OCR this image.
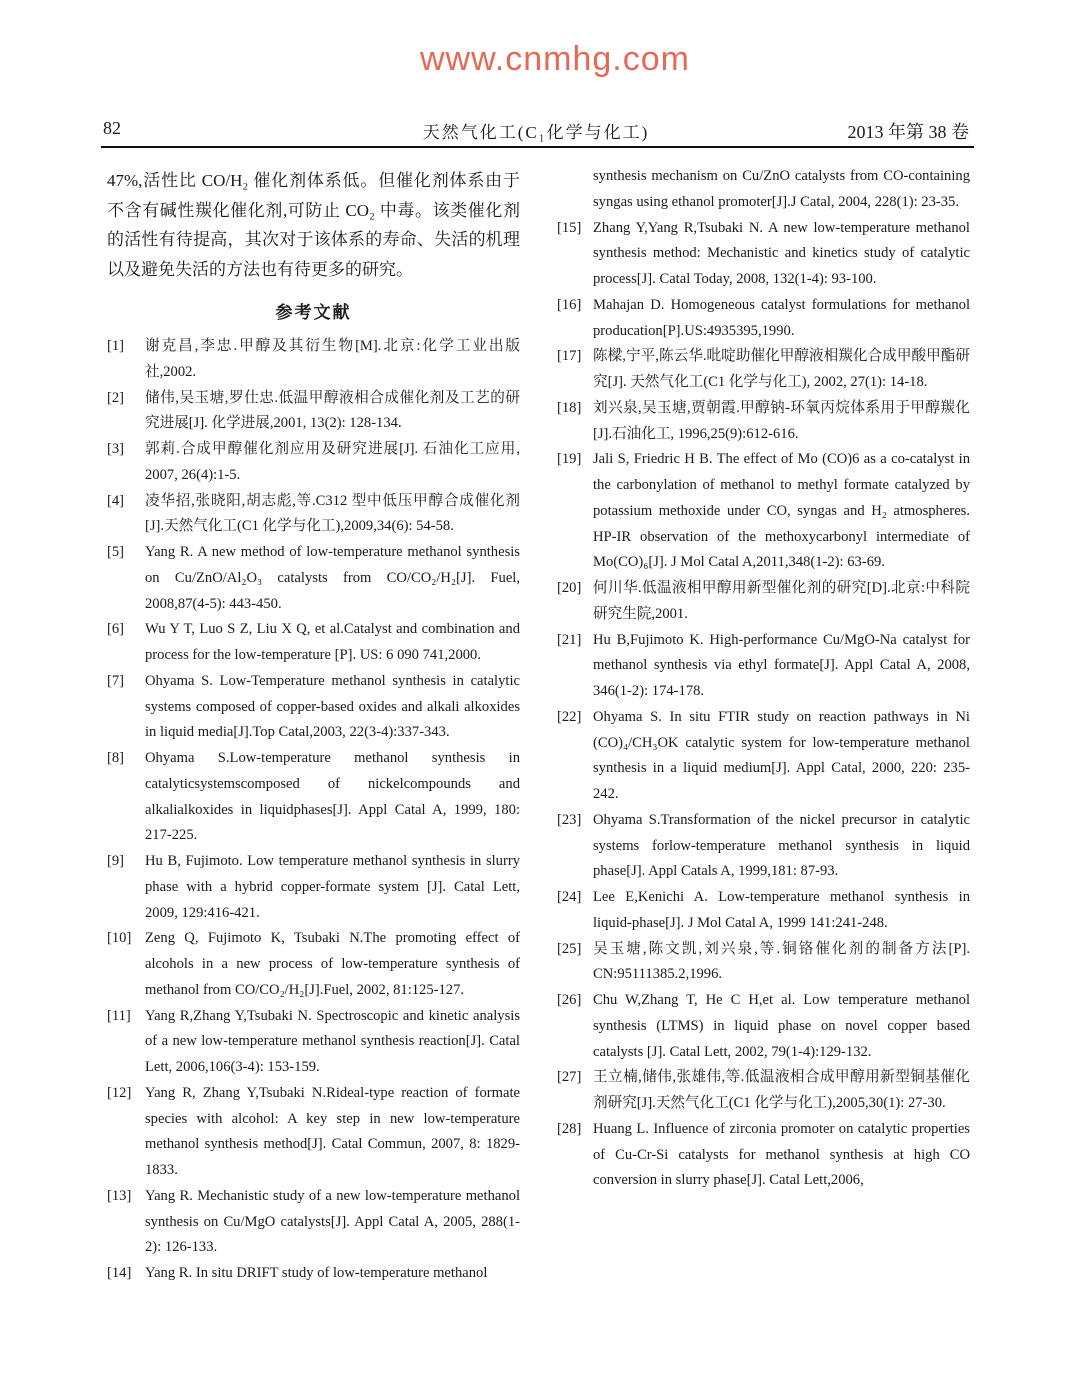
82	天然气化工(C₁化学与化工)	2013 年第 38 卷

47%,活性比 CO/H₂ 催化剂体系低。但催化剂体系由于不含有碱性羰化催化剂,可防止 CO₂ 中毒。该类催化剂的活性有待提高，其次对于该体系的寿命、失活的机理以及避免失活的方法也有待更多的研究。

参考文献
[1]	谢克昌,李忠.甲醇及其衍生物[M].北京:化学工业出版社,2002.
[2]	储伟,吴玉塘,罗仕忠.低温甲醇液相合成催化剂及工艺的研究进展[J]. 化学进展,2001, 13(2): 128-134.
[3]	郭莉.合成甲醇催化剂应用及研究进展[J]. 石油化工应用, 2007, 26(4):1-5.
[4]	凌华招,张晓阳,胡志彪,等.C312 型中低压甲醇合成催化剂[J].天然气化工(C1 化学与化工),2009,34(6): 54-58.
[5]	Yang R. A new method of low-temperature methanol synthesis on Cu/ZnO/Al₂O₃ catalysts from CO/CO₂/H₂[J]. Fuel, 2008,87(4-5): 443-450.
[6]	Wu Y T, Luo S Z, Liu X Q, et al.Catalyst and combination and process for the low-temperature [P]. US: 6 090 741,2000.
[7]	Ohyama S. Low-Temperature methanol synthesis in catalytic systems composed of copper-based oxides and alkali alkoxides in liquid media[J].Top Catal,2003, 22(3-4):337-343.
[8]	Ohyama S.Low-temperature methanol synthesis in catalyticsystemscomposed of nickelcompounds and alkalialkoxides in liquidphases[J]. Appl Catal A, 1999, 180: 217-225.
[9]	Hu B, Fujimoto. Low temperature methanol synthesis in slurry phase with a hybrid copper-formate system [J]. Catal Lett, 2009, 129:416-421.
[10] Zeng Q, Fujimoto K, Tsubaki N.The promoting effect of alcohols in a new process of low-temperature synthesis of methanol from CO/CO₂/H₂[J].Fuel, 2002, 81:125-127.
[11] Yang R,Zhang Y,Tsubaki N. Spectroscopic and kinetic analysis of a new low-temperature methanol synthesis reaction[J]. Catal Lett, 2006,106(3-4): 153-159.
[12] Yang R, Zhang Y,Tsubaki N.Rideal-type reaction of formate species with alcohol: A key step in new low-temperature methanol synthesis method[J]. Catal Commun, 2007, 8: 1829-1833.
[13] Yang R. Mechanistic study of a new low-temperature methanol synthesis on Cu/MgO catalysts[J]. Appl Catal A, 2005, 288(1-2): 126-133.
[14] Yang R. In situ DRIFT study of low-temperature methanol
synthesis mechanism on Cu/ZnO catalysts from CO-containing syngas using ethanol promoter[J].J Catal, 2004, 228(1): 23-35.
[15] Zhang Y,Yang R,Tsubaki N. A new low-temperature methanol synthesis method: Mechanistic and kinetics study of catalytic process[J]. Catal Today, 2008, 132(1-4): 93-100.
[16] Mahajan D. Homogeneous catalyst formulations for methanol producation[P].US:4935395,1990.
[17] 陈樑,宁平,陈云华.吡啶助催化甲醇液相羰化合成甲酸甲酯研究[J]. 天然气化工(C1 化学与化工), 2002, 27(1): 14-18.
[18] 刘兴泉,吴玉塘,贾朝霞.甲醇钠-环氧丙烷体系用于甲醇羰化[J].石油化工, 1996,25(9):612-616.
[19] Jali S, Friedric H B. The effect of Mo (CO)6 as a co-catalyst in the carbonylation of methanol to methyl formate catalyzed by potassium methoxide under CO, syngas and H₂ atmospheres. HP-IR observation of the methoxycarbonyl intermediate of Mo(CO)₆[J]. J Mol Catal A,2011,348(1-2): 63-69.
[20] 何川华.低温液相甲醇用新型催化剂的研究[D].北京:中科院研究生院,2001.
[21] Hu B,Fujimoto K. High-performance Cu/MgO-Na catalyst for methanol synthesis via ethyl formate[J]. Appl Catal A, 2008, 346(1-2): 174-178.
[22] Ohyama S. In situ FTIR study on reaction pathways in Ni (CO)₄/CH₃OK catalytic system for low-temperature methanol synthesis in a liquid medium[J]. Appl Catal, 2000, 220: 235-242.
[23] Ohyama S.Transformation of the nickel precursor in catalytic systems forlow-temperature methanol synthesis in liquid phase[J]. Appl Catals A, 1999,181: 87-93.
[24] Lee E,Kenichi A. Low-temperature methanol synthesis in liquid-phase[J]. J Mol Catal A, 1999 141:241-248.
[25] 吴玉塘,陈文凯,刘兴泉,等.铜铬催化剂的制备方法[P]. CN:95111385.2,1996.
[26] Chu W,Zhang T, He C H,et al. Low temperature methanol synthesis (LTMS) in liquid phase on novel copper based catalysts [J]. Catal Lett, 2002, 79(1-4):129-132.
[27] 王立楠,储伟,张雄伟,等.低温液相合成甲醇用新型铜基催化剂研究[J].天然气化工(C1 化学与化工),2005,30(1): 27-30.
[28] Huang L. Influence of zirconia promoter on catalytic properties of Cu-Cr-Si catalysts for methanol synthesis at high CO conversion in slurry phase[J]. Catal Lett,2006,
www.cnmhg.com
